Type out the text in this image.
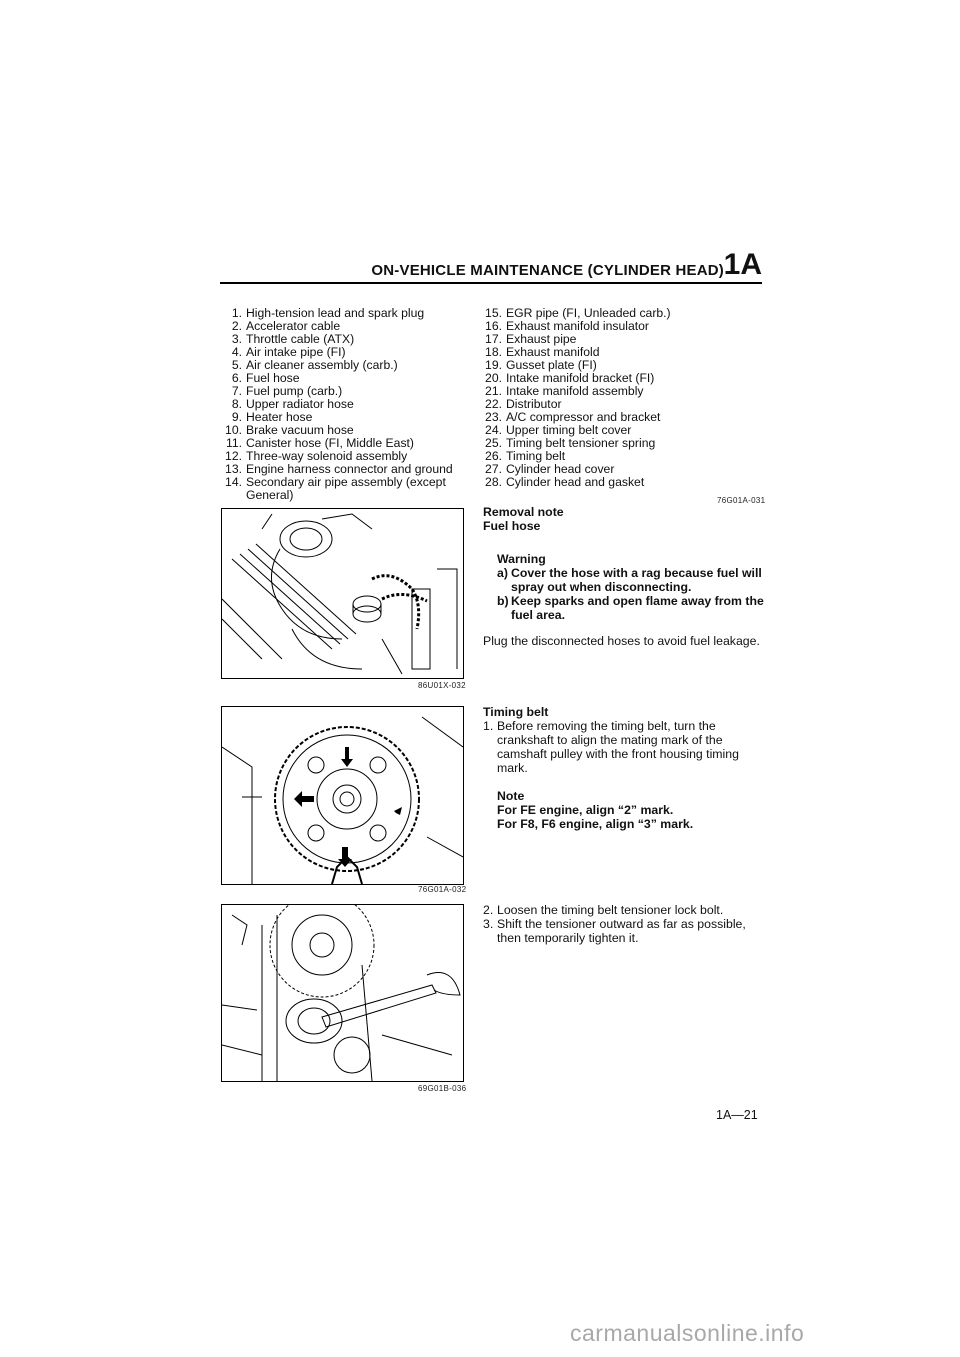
ON-VEHICLE MAINTENANCE (CYLINDER HEAD) 1A
1. High-tension lead and spark plug
2. Accelerator cable
3. Throttle cable (ATX)
4. Air intake pipe (FI)
5. Air cleaner assembly (carb.)
6. Fuel hose
7. Fuel pump (carb.)
8. Upper radiator hose
9. Heater hose
10. Brake vacuum hose
11. Canister hose (FI, Middle East)
12. Three-way solenoid assembly
13. Engine harness connector and ground
14. Secondary air pipe assembly (except
General)
15. EGR pipe (FI, Unleaded carb.)
16. Exhaust manifold insulator
17. Exhaust pipe
18. Exhaust manifold
19. Gusset plate (FI)
20. Intake manifold bracket (FI)
21. Intake manifold assembly
22. Distributor
23. A/C compressor and bracket
24. Upper timing belt cover
25. Timing belt tensioner spring
26. Timing belt
27. Cylinder head cover
28. Cylinder head and gasket
76G01A-031
86U01X-032
76G01A-032
69G01B-036
Removal note
Fuel hose
Warning
a) Cover the hose with a rag because fuel will spray out when disconnecting.
b) Keep sparks and open flame away from the fuel area.
Plug the disconnected hoses to avoid fuel leakage.
Timing belt
1. Before removing the timing belt, turn the crankshaft to align the mating mark of the camshaft pulley with the front housing timing mark.
Note
For FE engine, align “2” mark.
For F8, F6 engine, align “3” mark.
2. Loosen the timing belt tensioner lock bolt.
3. Shift the tensioner outward as far as possible, then temporarily tighten it.
1A—21
carmanualsonline.info
